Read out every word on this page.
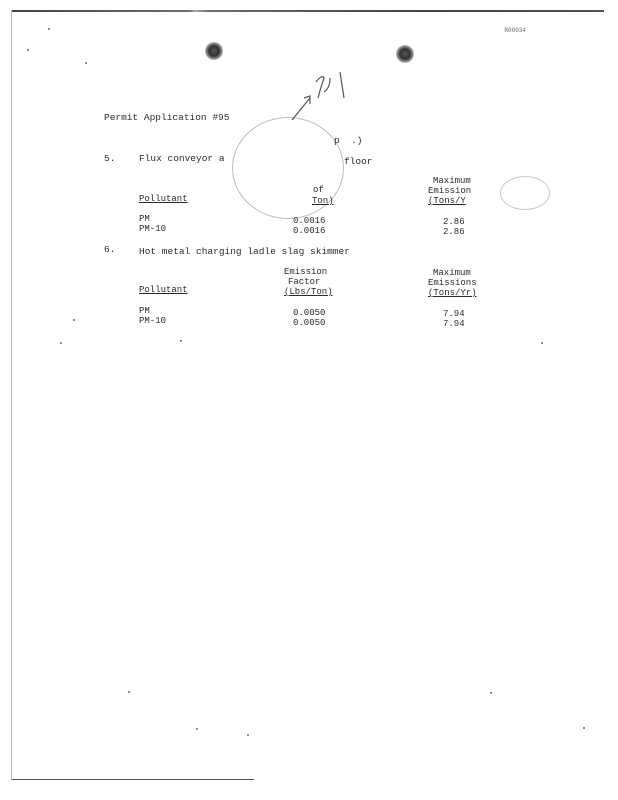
R00034
Permit Application #95
p  .)
5. Flux conveyor a	floor
of
Ton)
Maximum
Emission
(Tons/Y
Pollutant
PM	0.0016	2.86
PM-10	0.0016	2.86
6. Hot metal charging ladle slag skimmer
Emission
Factor
(Lbs/Ton)
Maximum
Emissions
(Tons/Yr)
Pollutant
PM	0.0050	7.94
PM-10	0.0050	7.94
